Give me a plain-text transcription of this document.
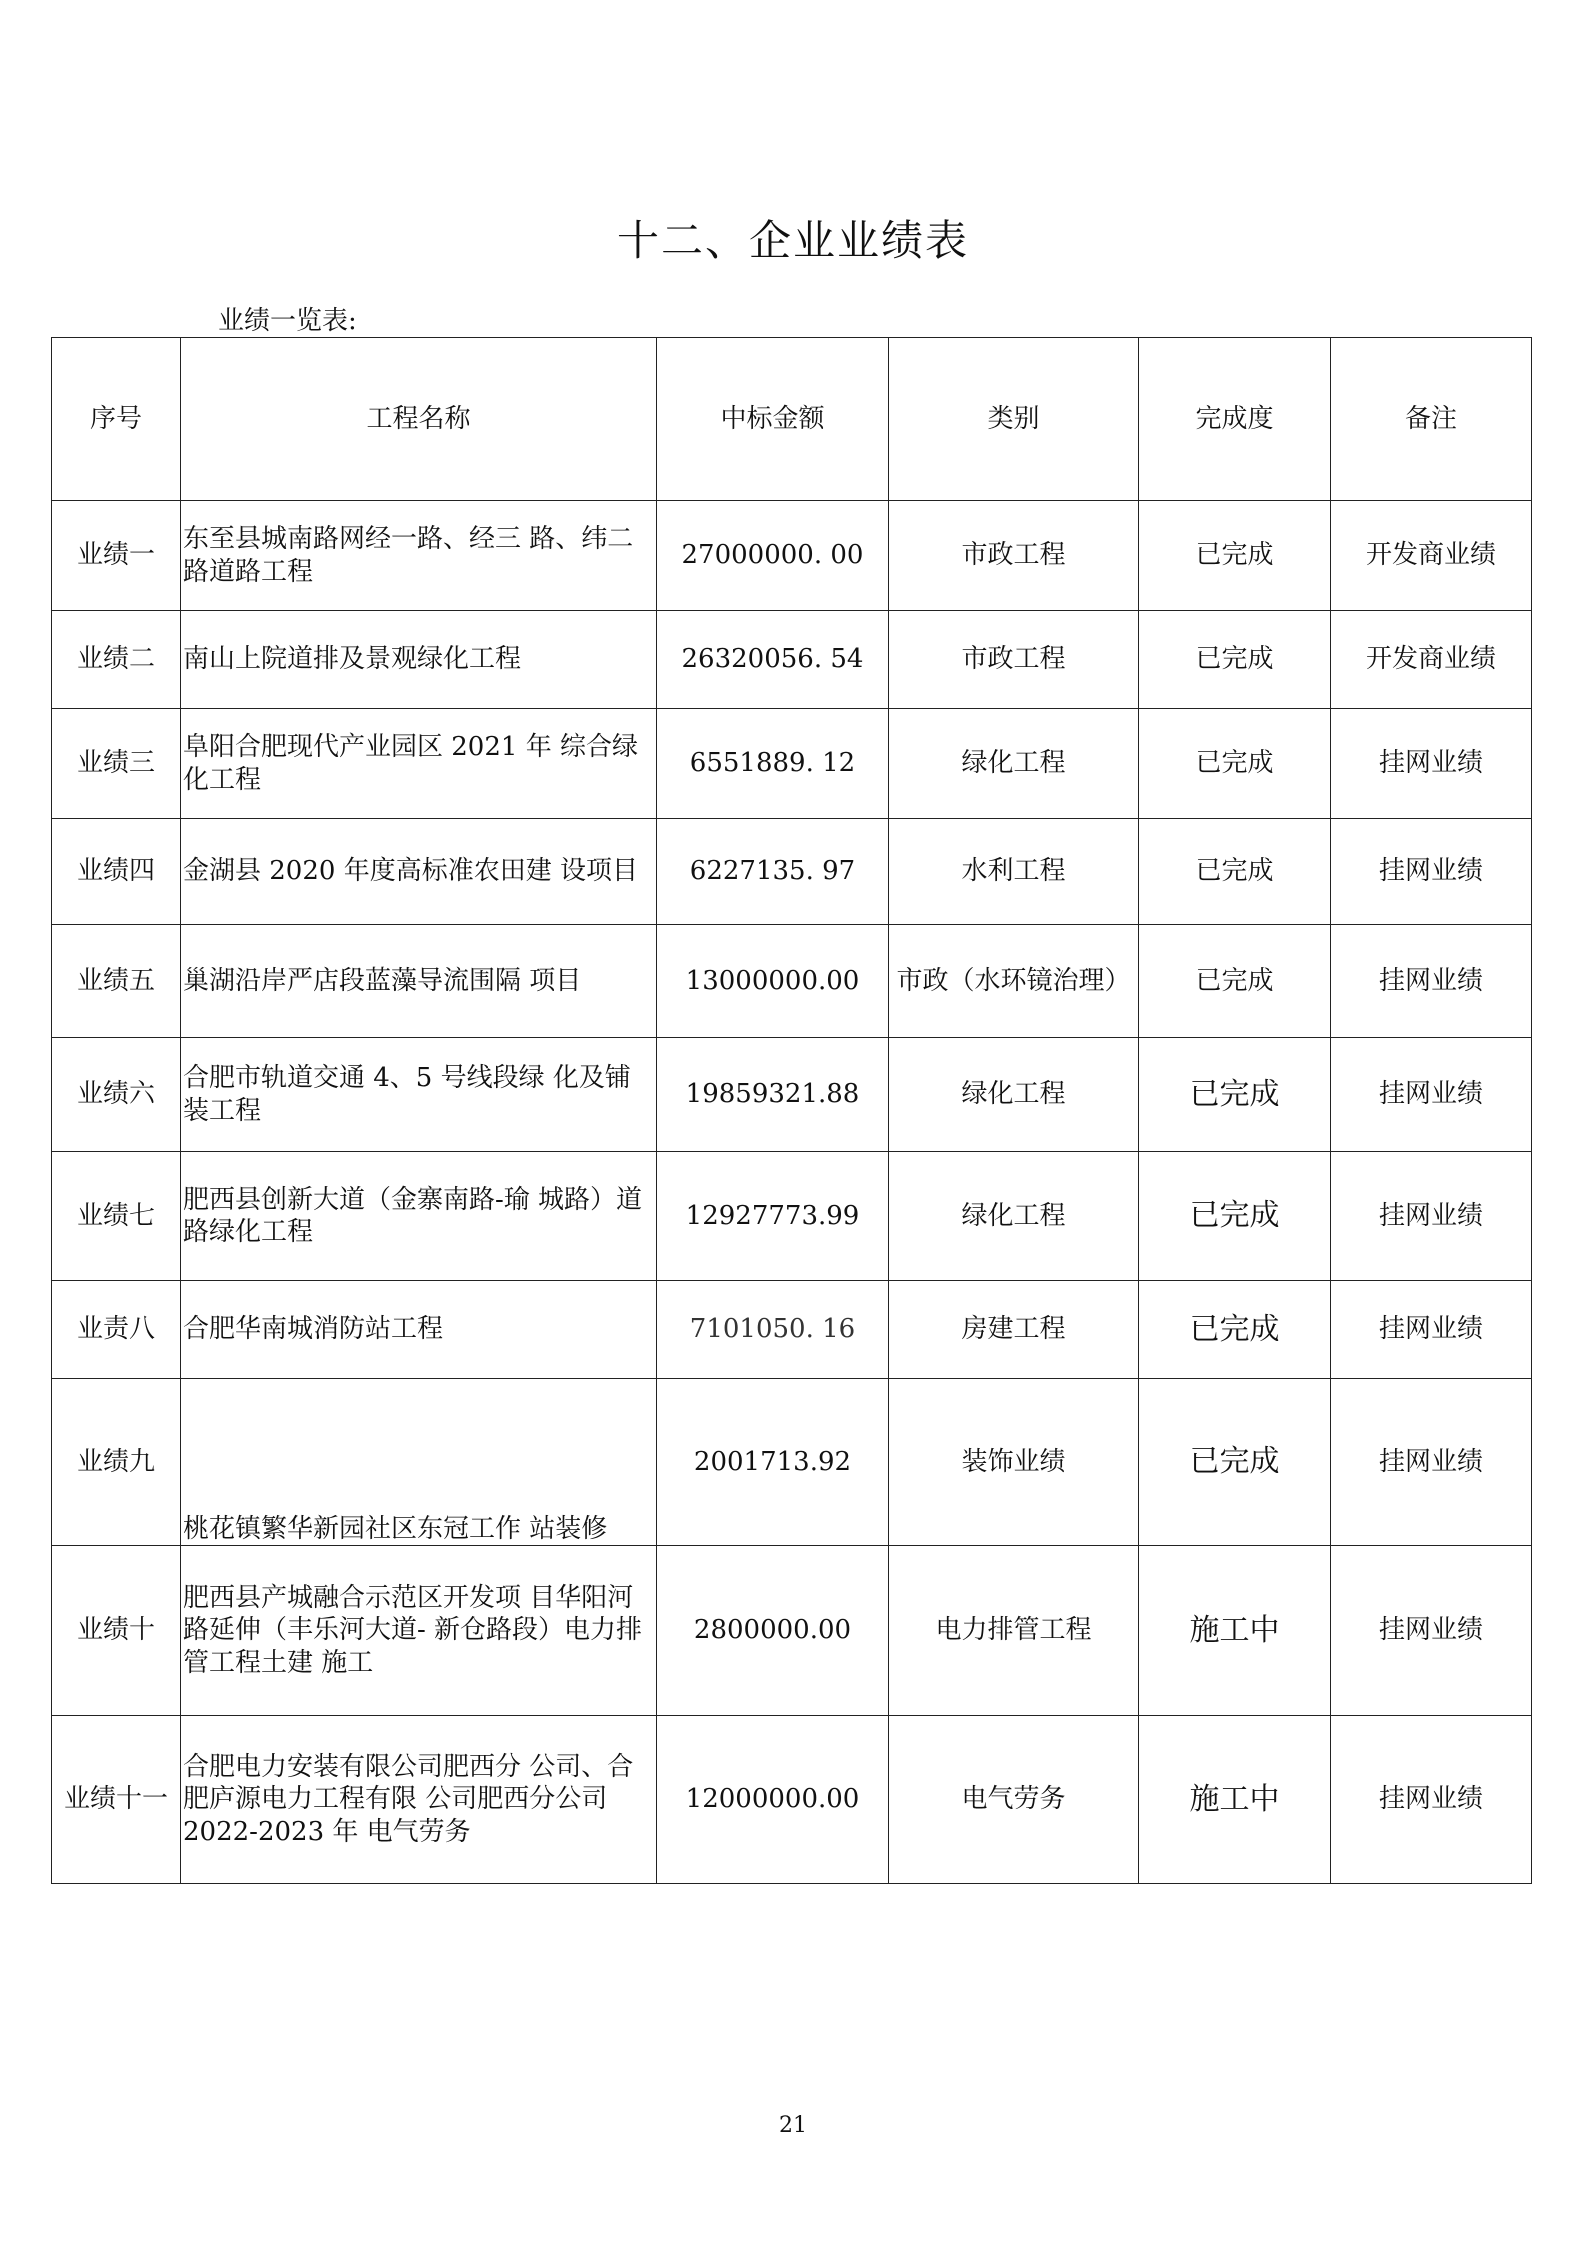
十二、企业业绩表
业绩一览表:
序号	工程名称	中标金额	类别	完成度	备注
业绩一	东至县城南路网经一路、经三 路、纬二路道路工程	27000000. 00	市政工程	已完成	开发商业绩
业绩二	南山上院道排及景观绿化工程	26320056. 54	市政工程	已完成	开发商业绩
业绩三	阜阳合肥现代产业园区 2021 年 综合绿化工程	6551889. 12	绿化工程	已完成	挂网业绩
业绩四	金湖县 2020 年度高标准农田建 设项目	6227135. 97	水利工程	已完成	挂网业绩
业绩五	巢湖沿岸严店段蓝藻导流围隔 项目	13000000.00	市政（水环镜治理）	已完成	挂网业绩
业绩六	合肥市轨道交通 4、5 号线段绿 化及铺装工程	19859321.88	绿化工程	已完成	挂网业绩
业绩七	肥西县创新大道（金寨南路-瑜 城路）道路绿化工程	12927773.99	绿化工程	已完成	挂网业绩
业责八	合肥华南城消防站工程	7101050. 16	房建工程	已完成	挂网业绩
业绩九	桃花镇繁华新园社区东冠工作 站装修	2001713.92	装饰业绩	已完成	挂网业绩
业绩十	肥西县产城融合示范区开发项 目华阳河路延伸（丰乐河大道- 新仓路段）电力排管工程土建 施工	2800000.00	电力排管工程	施工中	挂网业绩
业绩十一	合肥电力安装有限公司肥西分 公司、合肥庐源电力工程有限 公司肥西分公司 2022-2023 年 电气劳务	12000000.00	电气劳务	施工中	挂网业绩
21
